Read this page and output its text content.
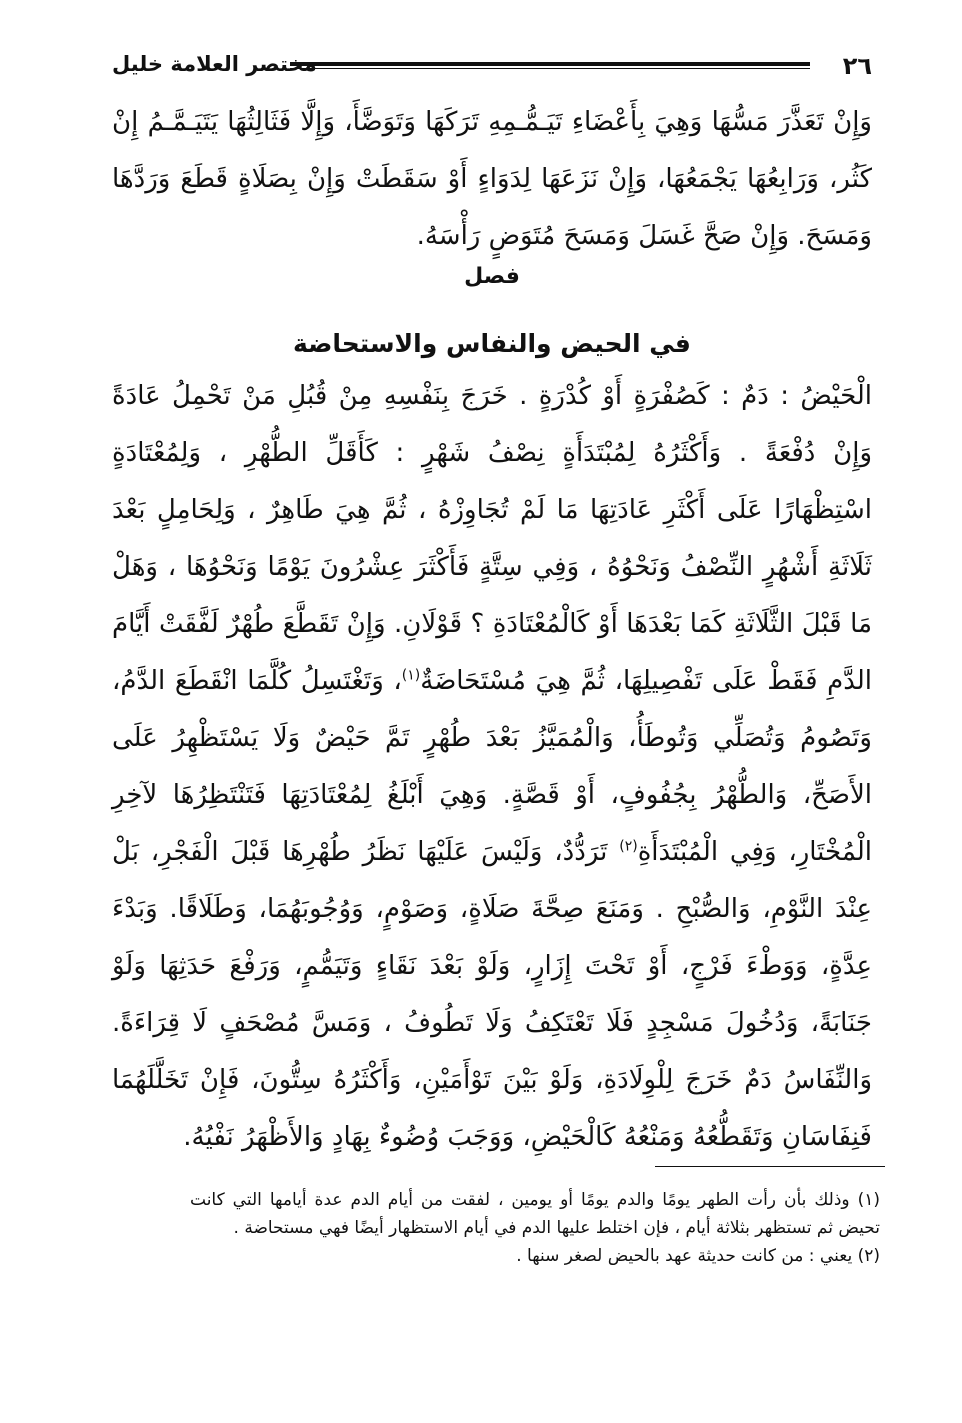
٢٦
مختصر العلامة خليل
وَإِنْ تَعَذَّرَ مَسُّهَا وَهِيَ بِأَعْضَاءِ تَيَـمُّـمِهِ تَرَكَهَا وَتَوَضَّأَ، وَإِلَّا فَثَالِثُهَا يَتَيَـمَّـمُ إِنْ كَثُر، وَرَابِعُهَا يَجْمَعُهَا، وَإِنْ نَزَعَهَا لِدَوَاءٍ أَوْ سَقَطَتْ وَإِنْ بِصَلَاةٍ قَطَعَ وَرَدَّهَا وَمَسَحَ. وَإِنْ صَحَّ غَسَلَ وَمَسَحَ مُتَوَضٍ رَأْسَهُ.
فصل
في الحيض والنفاس والاستحاضة
الْحَيْضُ : دَمٌ : كَصُفْرَةٍ أَوْ كُدْرَةٍ . خَرَجَ بِنَفْسِهِ مِنْ قُبُلِ مَنْ تَحْمِلُ عَادَةً وَإِنْ دُفْعَةً . وَأَكْثَرُهُ لِمُبْتَدَأَةٍ نِصْفُ شَهْرٍ : كَأَقَلِّ الطُّهْرِ ، وَلِمُعْتَادَةٍ اسْتِظْهَارًا عَلَى أَكْثَرِ عَادَتِهَا مَا لَمْ تُجَاوِزْهُ ، ثُمَّ هِيَ طَاهِرٌ ، وَلِحَامِلٍ بَعْدَ ثَلَاثَةِ أَشْهُرٍ النِّصْفُ وَنَحْوُهُ ، وَفِي سِتَّةٍ فَأَكْثَرَ عِشْرُونَ يَوْمًا وَنَحْوُهَا ، وَهَلْ مَا قَبْلَ الثَّلَاثَةِ كَمَا بَعْدَهَا أَوْ كَالْمُعْتَادَةِ ؟ قَوْلَانِ. وَإِنْ تَقَطَّعَ طُهْرٌ لَفَّقَتْ أَيَّامَ الدَّمِ فَقَطْ عَلَى تَفْصِيلِهَا، ثُمَّ هِيَ مُسْتَحَاضَةٌ$^{(١)}$، وَتَغْتَسِلُ كُلَّمَا انْقَطَعَ الدَّمُ، وَتَصُومُ وَتُصَلِّي وَتُوطَأُ، وَالْمُمَيَّزُ بَعْدَ طُهْرٍ تَمَّ حَيْضٌ وَلَا يَسْتَظْهِرُ عَلَى الأَصَحِّ، وَالطُّهْرُ بِجُفُوفٍ، أَوْ قَصَّةٍ. وَهِيَ أَبْلَغُ لِمُعْتَادَتِهَا فَتَنْتَظِرُهَا لآخِرِ الْمُخْتَارِ، وَفِي الْمُبْتَدَأَةِ$^{(٢)}$ تَرَدُّدٌ، وَلَيْسَ عَلَيْهَا نَظَرُ طُهْرِهَا قَبْلَ الْفَجْرِ، بَلْ عِنْدَ النَّوْمِ، وَالصُّبْحِ . وَمَنَعَ صِحَّةَ صَلَاةٍ، وَصَوْمٍ، وَوُجُوبَهُمَا، وَطَلَاقًا. وَبَدْءَ عِدَّةٍ، وَوَطْءَ فَرْجٍ، أَوْ تَحْتَ إِزَارٍ، وَلَوْ بَعْدَ نَقَاءٍ وَتَيَمُّمٍ، وَرَفْعَ حَدَثِهَا وَلَوْ جَنَابَةً، وَدُخُولَ مَسْجِدٍ فَلَا تَعْتَكِفُ وَلَا تَطُوفُ ، وَمَسَّ مُصْحَفٍ لَا قِرَاءَةً. وَالنِّفَاسُ دَمٌ خَرَجَ لِلْوِلَادَةِ، وَلَوْ بَيْنَ تَوْأَمَيْنِ، وَأَكْثَرُهُ سِتُّونَ، فَإِنْ تَخَلَّلَهُمَا فَنِفَاسَانِ وَتَقَطُّعُهُ وَمَنْعُهُ كَالْحَيْضِ، وَوَجَبَ وُضُوءٌ بِهَادٍ وَالأَظْهَرُ نَفْيُهُ.

(١) وذلك بأن رأت الطهر يومًا والدم يومًا أو يومين ، لفقت من أيام الدم عدة أيامها التي كانت تحيض ثم تستظهر بثلاثة أيام ، فإن اختلط عليها الدم في أيام الاستظهار أيضًا فهي مستحاضة .

(٢) يعني : من كانت حديثة عهد بالحيض لصغر سنها .
